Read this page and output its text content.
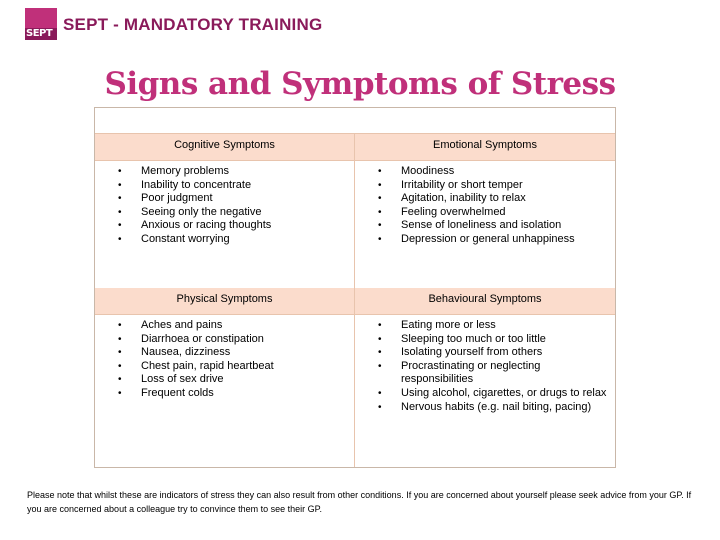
SEPT SEPT - MANDATORY TRAINING
Signs and Symptoms of Stress
Cognitive Symptoms	Emotional Symptoms
• Memory problems
• Inability to concentrate
• Poor judgment
• Seeing only the negative
• Anxious or racing thoughts
• Constant worrying
• Moodiness
• Irritability or short temper
• Agitation, inability to relax
• Feeling overwhelmed
• Sense of loneliness and isolation
• Depression or general unhappiness
Physical Symptoms	Behavioural Symptoms
• Aches and pains
• Diarrhoea or constipation
• Nausea, dizziness
• Chest pain, rapid heartbeat
• Loss of sex drive
• Frequent colds
• Eating more or less
• Sleeping too much or too little
• Isolating yourself from others
• Procrastinating or neglecting responsibilities
• Using alcohol, cigarettes, or drugs to relax
• Nervous habits (e.g. nail biting, pacing)
Please note that whilst these are indicators of stress they can also result from other conditions. If you are concerned about yourself please seek advice from your GP. If you are concerned about a colleague try to convince them to see their GP.
